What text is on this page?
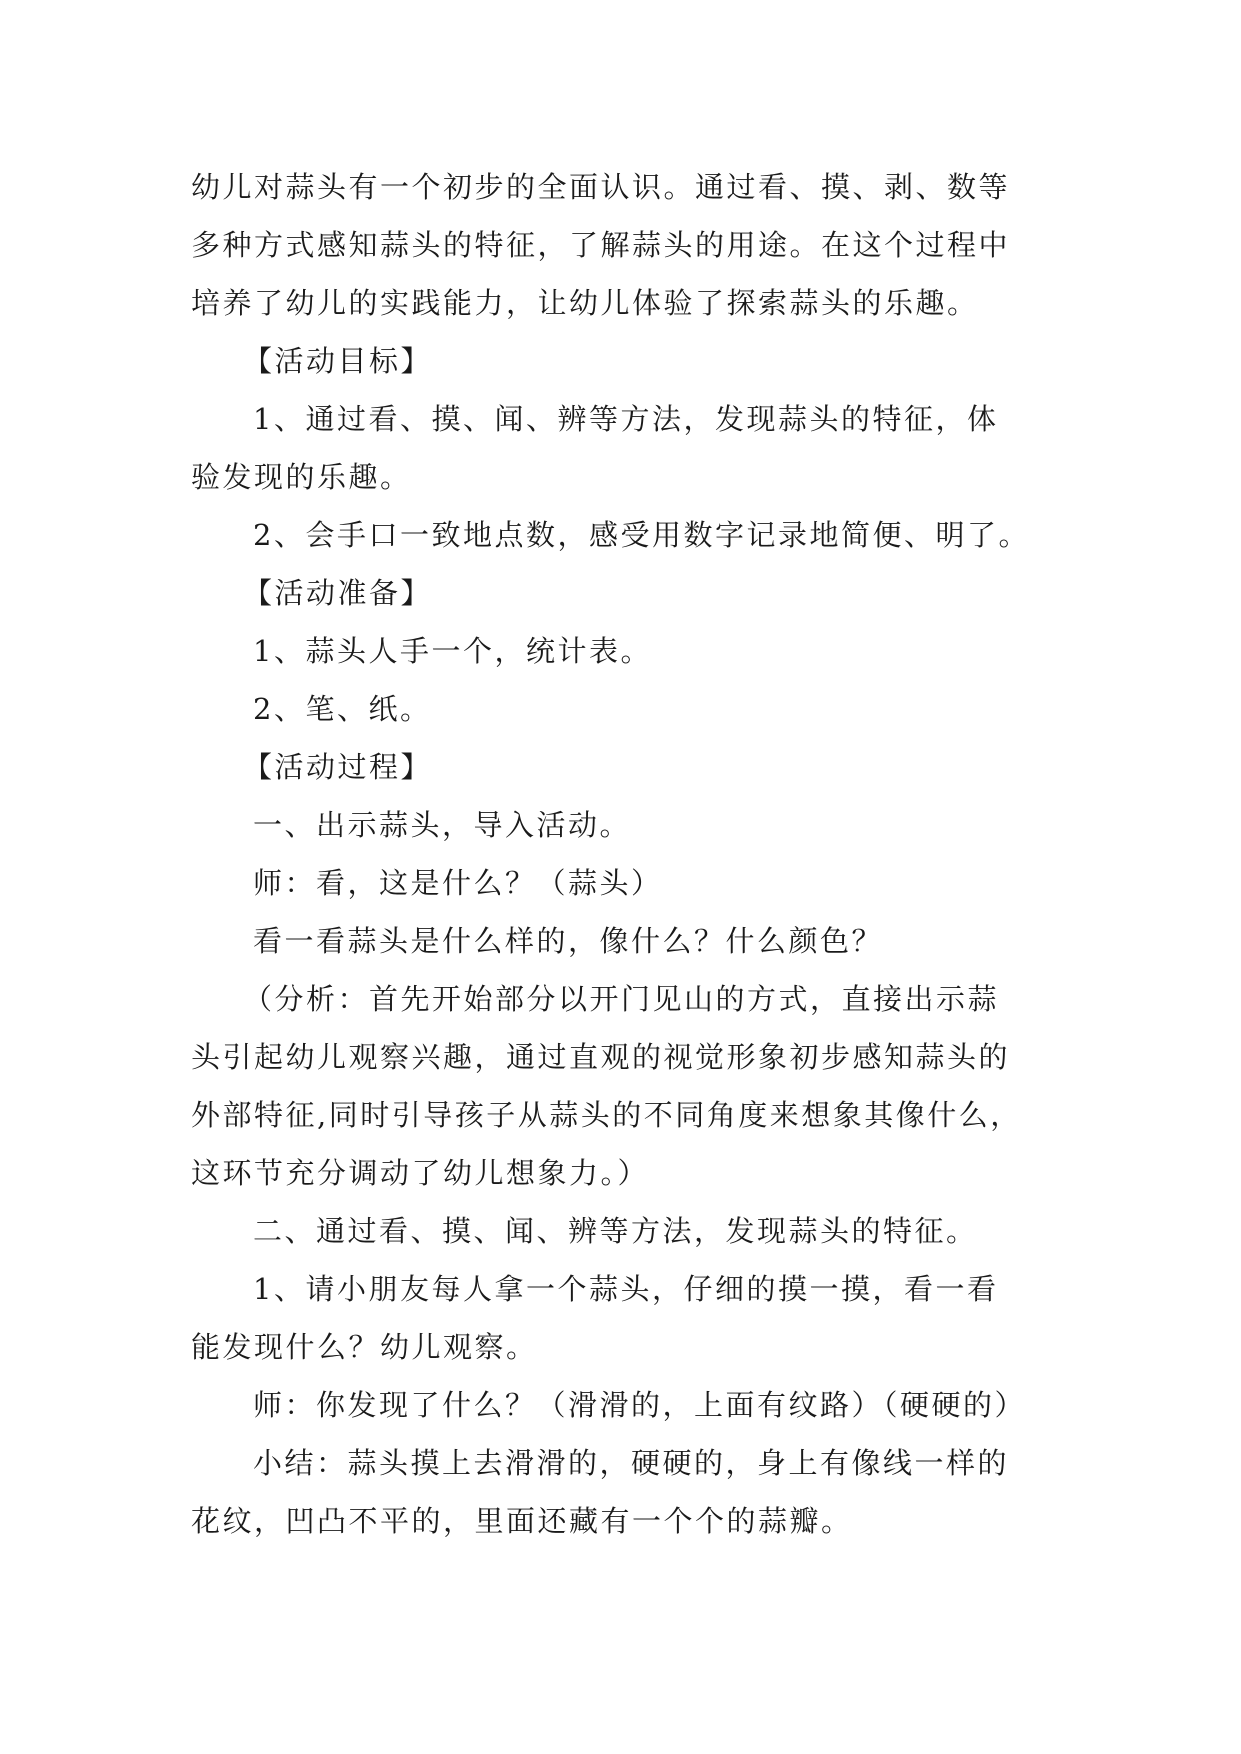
幼儿对蒜头有一个初步的全面认识。通过看、摸、剥、数等
多种方式感知蒜头的特征，了解蒜头的用途。在这个过程中
培养了幼儿的实践能力，让幼儿体验了探索蒜头的乐趣。
【活动目标】
1、通过看、摸、闻、辨等方法，发现蒜头的特征，体
验发现的乐趣。
2、会手口一致地点数，感受用数字记录地简便、明了。
【活动准备】
1、蒜头人手一个，统计表。
2、笔、纸。
【活动过程】
一、出示蒜头，导入活动。
师：看，这是什么？（蒜头）
看一看蒜头是什么样的，像什么？什么颜色？
（分析：首先开始部分以开门见山的方式，直接出示蒜
头引起幼儿观察兴趣，通过直观的视觉形象初步感知蒜头的
外部特征,同时引导孩子从蒜头的不同角度来想象其像什么，
这环节充分调动了幼儿想象力。）
二、通过看、摸、闻、辨等方法，发现蒜头的特征。
1、请小朋友每人拿一个蒜头，仔细的摸一摸，看一看
能发现什么？幼儿观察。
师：你发现了什么？（滑滑的，上面有纹路）（硬硬的）
小结：蒜头摸上去滑滑的，硬硬的，身上有像线一样的
花纹，凹凸不平的，里面还藏有一个个的蒜瓣。
